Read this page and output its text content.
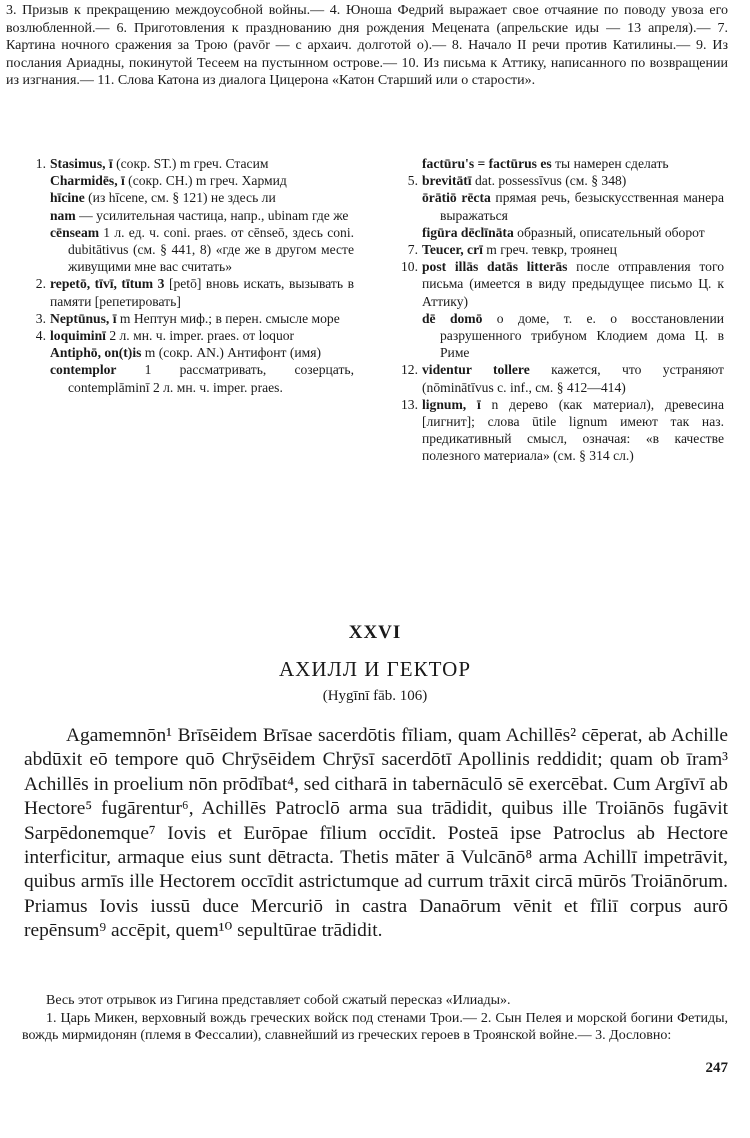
3. Призыв к прекращению междоусобной войны.— 4. Юноша Федрий выражает свое отчаяние по поводу увоза его возлюбленной.— 6. Приготовления к празднованию дня рождения Мецената (апрельские иды — 13 апреля).— 7. Картина ночного сражения за Трою (pavōr — с архаич. долготой o).— 8. Начало II речи против Катилины.— 9. Из послания Ариадны, покинутой Тесеем на пустынном острове.— 10. Из письма к Аттику, написанного по возвращении из изгнания.— 11. Слова Катона из диалога Цицерона «Катон Старший или о старости».
1. Stasimus, ī (сокр. ST.) m греч. Стасим
Charmidēs, ī (сокр. CH.) m греч. Хармид
hīcine (из hīcene, см. § 121) не здесь ли
nam — усилительная частица, напр., ubinam где же
cēnseam 1 л. ед. ч. coni. praes. от cēnseō, здесь coni. dubitātivus (см. § 441, 8) «где же в другом месте живущими мне вас считать»
2. repetō, tīvī, tītum 3 [petō] вновь искать, вызывать в памяти [репетировать]
3. Neptūnus, ī m Нептун миф.; в перен. смысле море
4. loquiminī 2 л. мн. ч. imper. praes. от loquor
Antiphō, on(t)is m (сокр. AN.) Антифонт (имя)
contemplor 1 рассматривать, созерцать, contemplāminī 2 л. мн. ч. imper. praes.
factūru's = factūrus es ты намерен сделать
5. brevitātī dat. possessīvus (см. § 348)
ōrātiō rēcta прямая речь, безыскусственная манера выражаться
figūra dēclīnāta образный, описательный оборот
7. Teucer, crī m греч. тевкр, троянец
10. post illās datās litterās после отправления того письма (имеется в виду предыдущее письмо Ц. к Аттику)
dē domō о доме, т. е. о восстановлении разрушенного трибуном Клодием дома Ц. в Риме
12. videntur tollere кажется, что устраняют (nōminātīvus c. inf., см. § 412—414)
13. lignum, ī n дерево (как материал), древесина [лигнит]; слова ūtile lignum имеют так наз. предикативный смысл, означая: «в качестве полезного материала» (см. § 314 сл.)
XXVI
АХИЛЛ И ГЕКТОР
(Hygīnī fāb. 106)
Agamemnōn¹ Brīsēidem Brīsae sacerdōtis fīliam, quam Achillēs² cēperat, ab Achille abdūxit eō tempore quō Chrȳsēidem Chrȳsī sacerdōtī Apollinis reddidit; quam ob īram³ Achillēs in proelium nōn prōdībat⁴, sed citharā in tabernāculō sē exercēbat. Cum Argīvī ab Hectore⁵ fugārentur⁶, Achillēs Patroclō arma sua trādidit, quibus ille Troiānōs fugāvit Sarpēdonemque⁷ Iovis et Eurōpae fīlium occīdit. Posteā ipse Patroclus ab Hectore interficitur, armaque eius sunt dētracta. Thetis māter ā Vulcānō⁸ arma Achillī impetrāvit, quibus armīs ille Hectorem occīdit astrictumque ad currum trāxit circā mūrōs Troiānōrum. Priamus Iovis iussū duce Mercuriō in castra Danaōrum vēnit et fīliī corpus aurō repēnsum⁹ accēpit, quem¹⁰ sepultūrae trādidit.

Весь этот отрывок из Гигина представляет собой сжатый пересказ «Илиады».

1. Царь Микен, верховный вождь греческих войск под стенами Трои.— 2. Сын Пелея и морской богини Фетиды, вождь мирмидонян (племя в Фессалии), славнейший из греческих героев в Троянской войне.— 3. Дословно:

247
